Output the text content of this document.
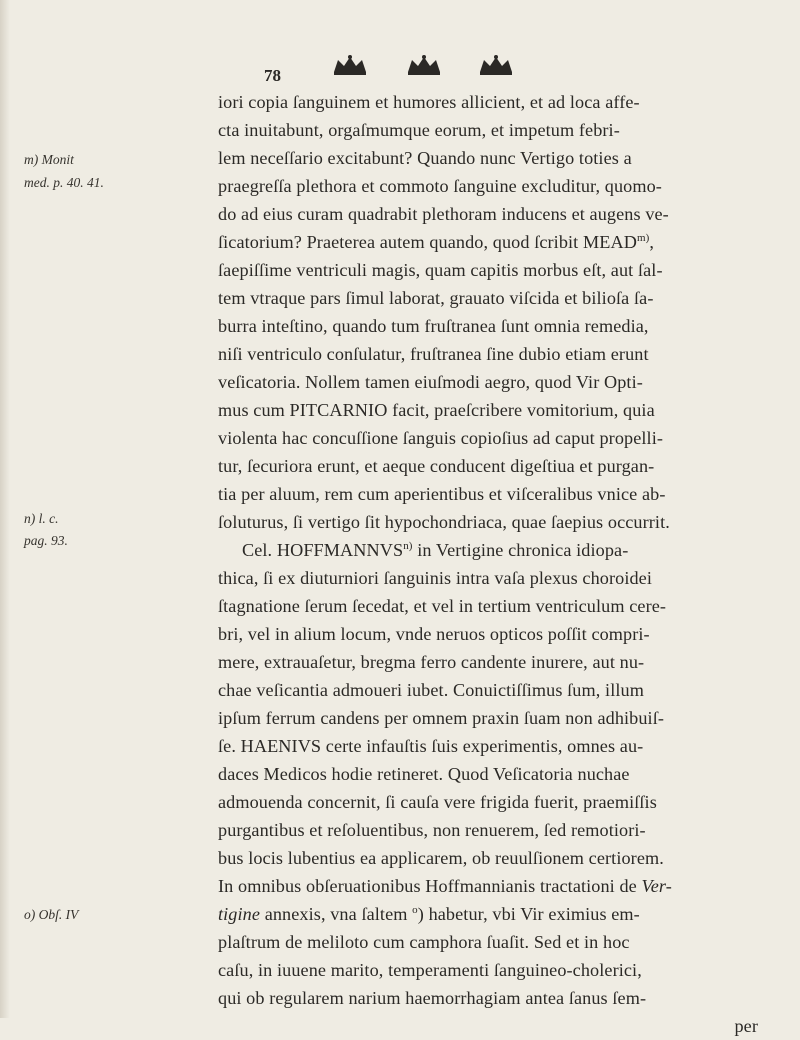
78
m) Monit
med. p. 40. 41.
n) l. c.
pag. 93.
o) Obſ. IV
iori copia ſanguinem et humores allicient, et ad loca affe-
cta inuitabunt, orgaſmumque eorum, et impetum febri-
lem neceſſario excitabunt? Quando nunc Vertigo toties a
praegreſſa plethora et commoto ſanguine excluditur, quomo-
do ad eius curam quadrabit plethoram inducens et augens ve-
ſicatorium? Praeterea autem quando, quod ſcribit MEAD$^{m)}$,
ſaepiſſime ventriculi magis, quam capitis morbus eſt, aut ſal-
tem vtraque pars ſimul laborat, grauato viſcida et bilioſa ſa-
burra inteſtino, quando tum fruſtranea ſunt omnia remedia,
niſi ventriculo conſulatur, fruſtranea ſine dubio etiam erunt
veſicatoria. Nollem tamen eiuſmodi aegro, quod Vir Opti-
mus cum PITCARNIO facit, praeſcribere vomitorium, quia
violenta hac concuſſione ſanguis copioſius ad caput propelli-
tur, ſecuriora erunt, et aeque conducent digeſtiua et purgan-
tia per aluum, rem cum aperientibus et viſceralibus vnice ab-
ſoluturus, ſi vertigo ſit hypochondriaca, quae ſaepius occurrit.
Cel. HOFFMANNVS$^{n)}$ in Vertigine chronica idiopa-
thica, ſi ex diuturniori ſanguinis intra vaſa plexus choroidei
ſtagnatione ſerum ſecedat, et vel in tertium ventriculum cere-
bri, vel in alium locum, vnde neruos opticos poſſit compri-
mere, extrauaſetur, bregma ferro candente inurere, aut nu-
chae veſicantia admoueri iubet. Conuictiſſimus ſum, illum
ipſum ferrum candens per omnem praxin ſuam non adhibuiſ-
ſe. HAENIVS certe infauſtis ſuis experimentis, omnes au-
daces Medicos hodie retineret. Quod Veſicatoria nuchae
admouenda concernit, ſi cauſa vere frigida fuerit, praemiſſis
purgantibus et reſoluentibus, non renuerem, ſed remotiori-
bus locis lubentius ea applicarem, ob reuulſionem certiorem.
In omnibus obſeruationibus Hoffmannianis tractationi de Ver-
tigine annexis, vna ſaltem $^o$) habetur, vbi Vir eximius em-
plaſtrum de meliloto cum camphora ſuaſit. Sed et in hoc
caſu, in iuuene marito, temperamenti ſanguineo-cholerici,
qui ob regularem narium haemorrhagiam antea ſanus ſem-
per
